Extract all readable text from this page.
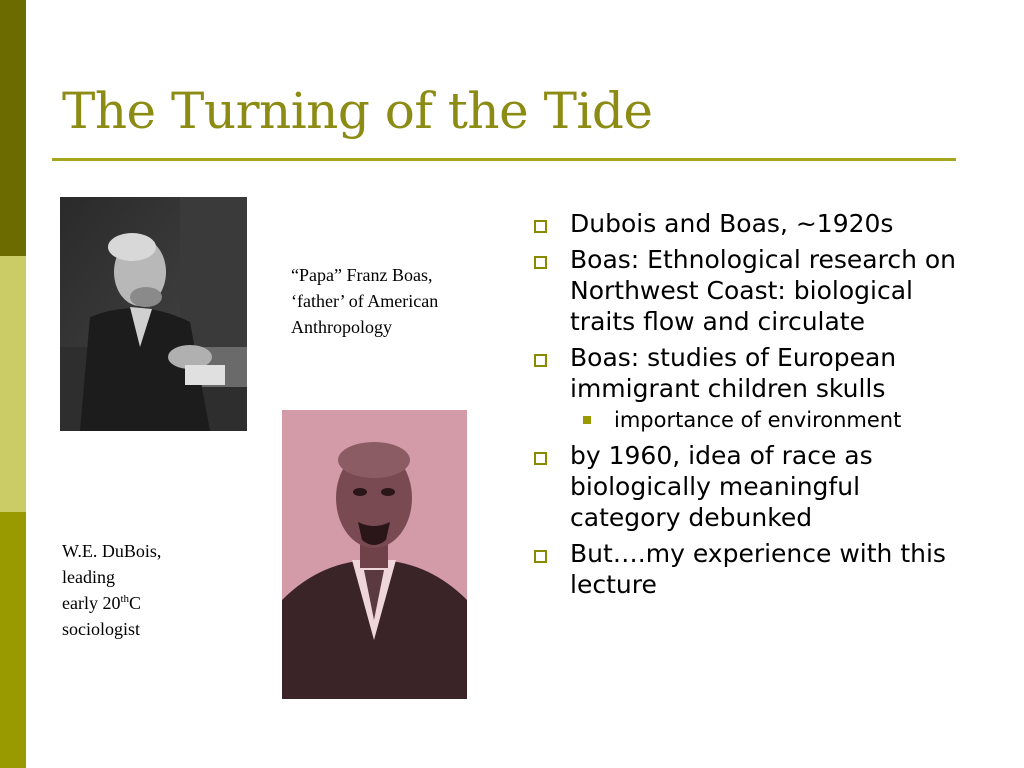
The Turning of the Tide
“Papa” Franz Boas,
‘father’ of American
Anthropology
W.E. DuBois,
leading
early 20thC
sociologist
Dubois and Boas, ~1920s
Boas: Ethnological research on Northwest Coast: biological traits flow and circulate
Boas: studies of European immigrant children skulls
importance of environment
by 1960, idea of race as biologically meaningful category debunked
But….my experience with this lecture
